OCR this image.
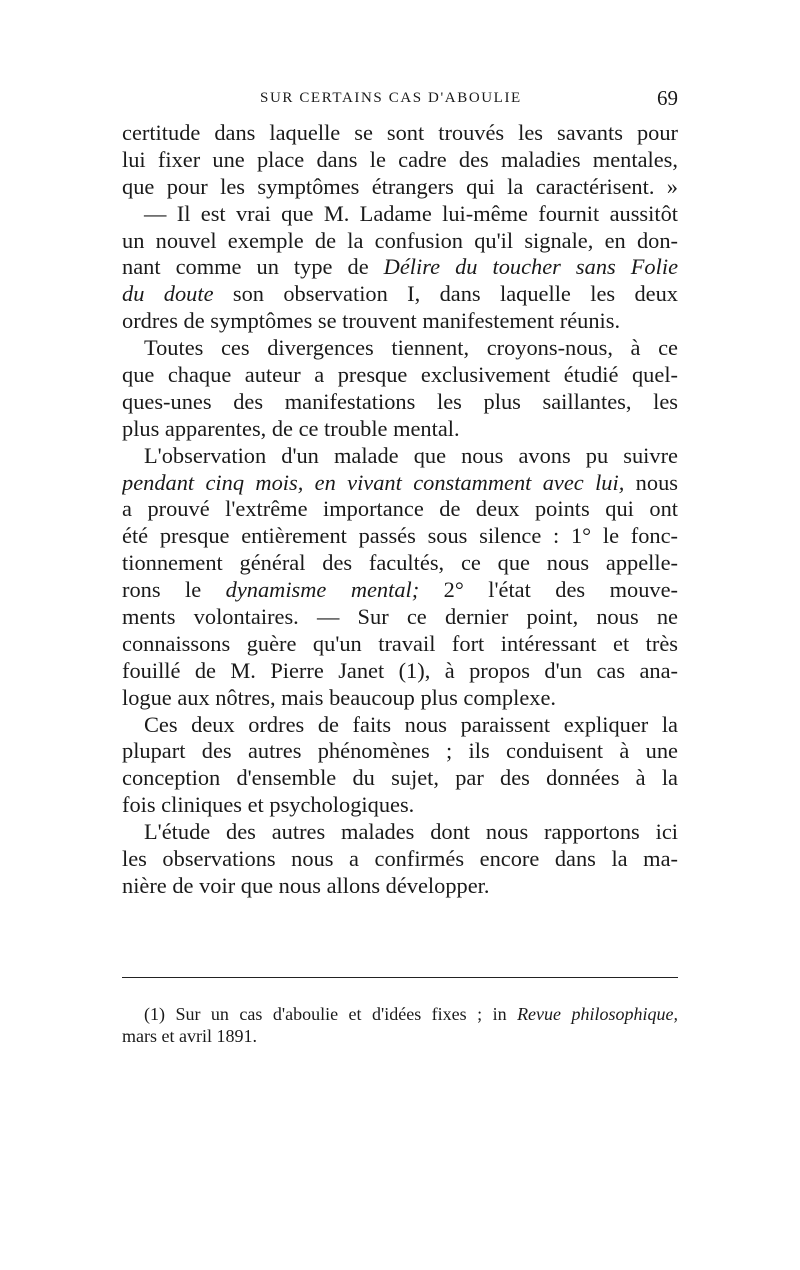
SUR CERTAINS CAS D'ABOULIE	69
certitude dans laquelle se sont trouvés les savants pour
lui fixer une place dans le cadre des maladies mentales,
que pour les symptômes étrangers qui la caractérisent. »
— Il est vrai que M. Ladame lui-même fournit aussitôt
un nouvel exemple de la confusion qu'il signale, en don-
nant comme un type de Délire du toucher sans Folie
du doute son observation I, dans laquelle les deux
ordres de symptômes se trouvent manifestement réunis.
Toutes ces divergences tiennent, croyons-nous, à ce
que chaque auteur a presque exclusivement étudié quel-
ques-unes des manifestations les plus saillantes, les
plus apparentes, de ce trouble mental.
L'observation d'un malade que nous avons pu suivre
pendant cinq mois, en vivant constamment avec lui, nous
a prouvé l'extrême importance de deux points qui ont
été presque entièrement passés sous silence : 1° le fonc-
tionnement général des facultés, ce que nous appelle-
rons le dynamisme mental; 2° l'état des mouve-
ments volontaires. — Sur ce dernier point, nous ne
connaissons guère qu'un travail fort intéressant et très
fouillé de M. Pierre Janet (1), à propos d'un cas ana-
logue aux nôtres, mais beaucoup plus complexe.
Ces deux ordres de faits nous paraissent expliquer la
plupart des autres phénomènes ; ils conduisent à une
conception d'ensemble du sujet, par des données à la
fois cliniques et psychologiques.
L'étude des autres malades dont nous rapportons ici
les observations nous a confirmés encore dans la ma-
nière de voir que nous allons développer.
(1) Sur un cas d'aboulie et d'idées fixes ; in Revue philosophique,
mars et avril 1891.
